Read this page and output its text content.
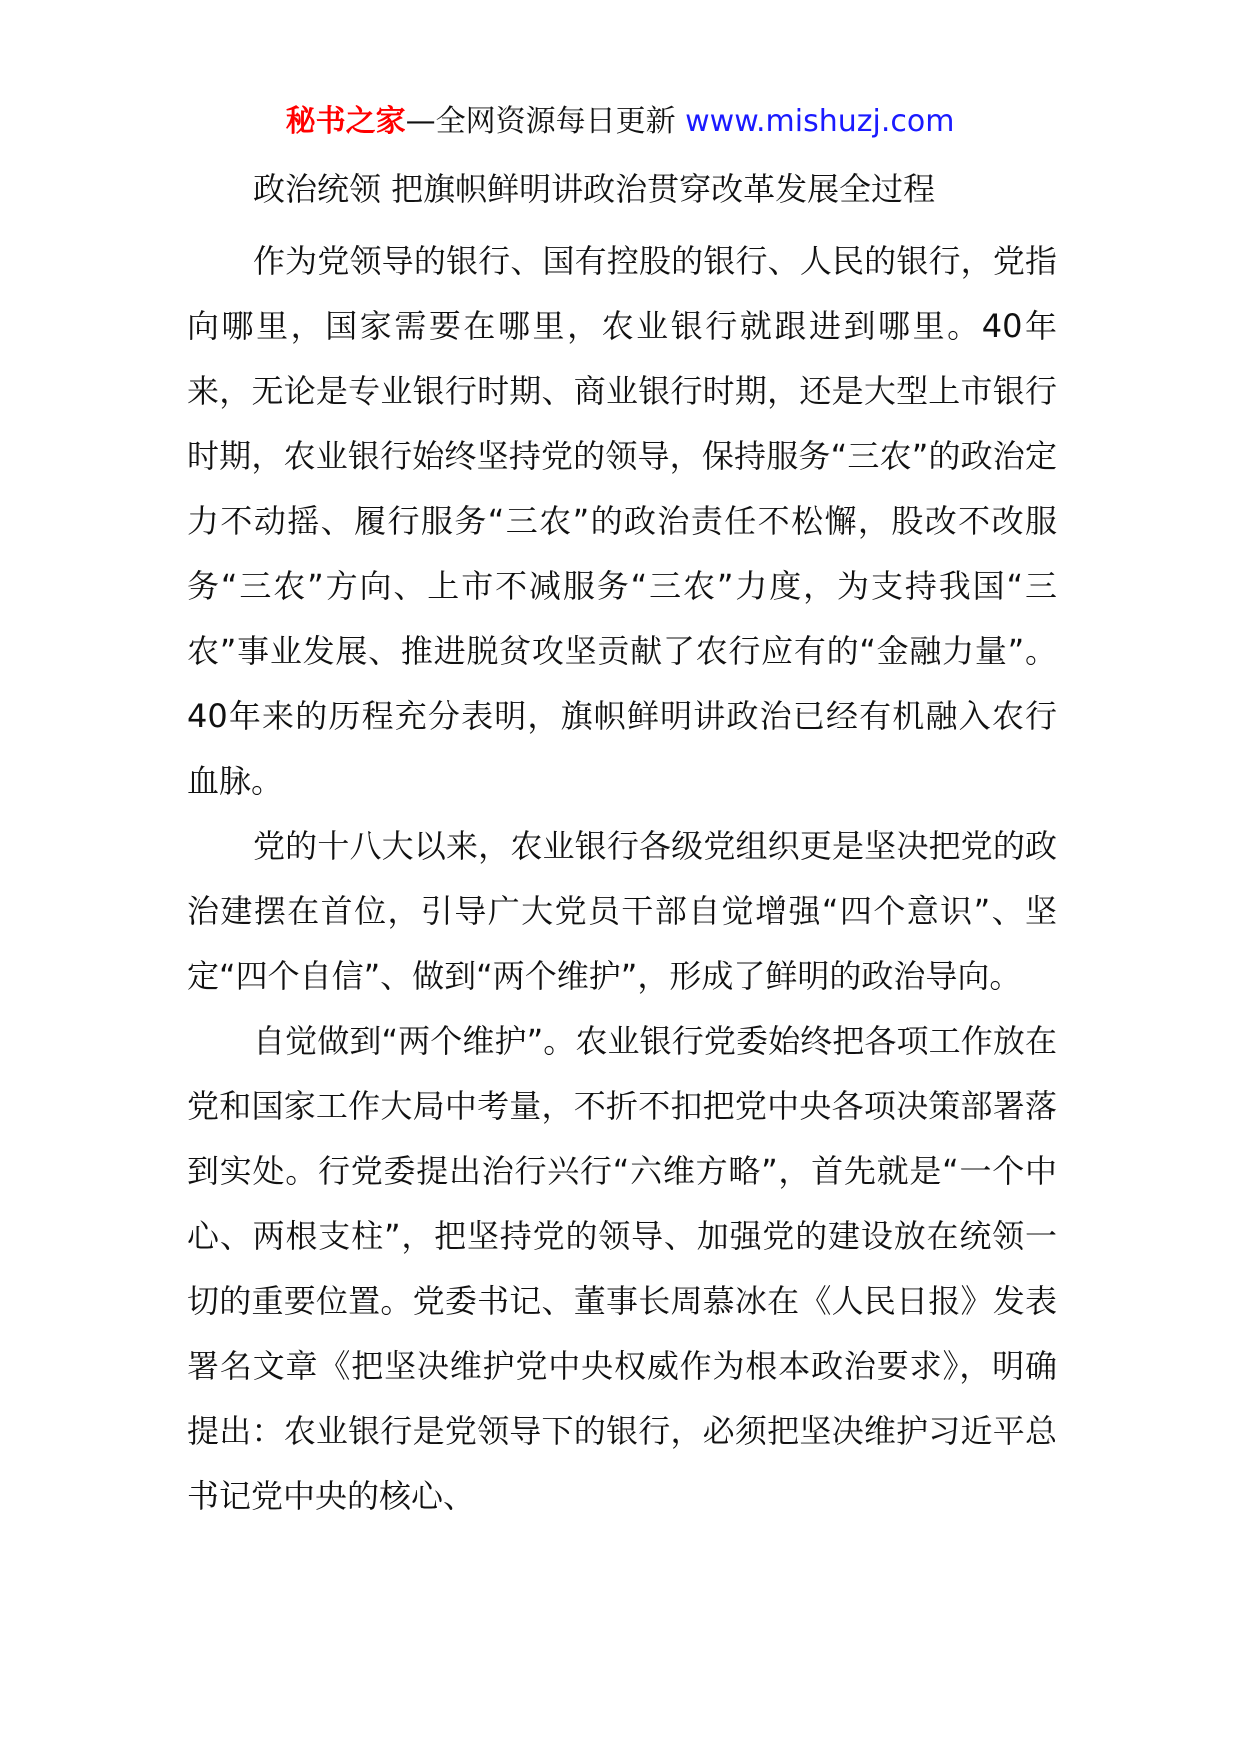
秘书之家—全网资源每日更新 www.mishuzj.com
政治统领 把旗帜鲜明讲政治贯穿改革发展全过程

作为党领导的银行、国有控股的银行、人民的银行，党指向哪里，国家需要在哪里，农业银行就跟进到哪里。40年来，无论是专业银行时期、商业银行时期，还是大型上市银行时期，农业银行始终坚持党的领导，保持服务“三农”的政治定力不动摇、履行服务“三农”的政治责任不松懈，股改不改服务“三农”方向、上市不减服务“三农”力度，为支持我国“三农”事业发展、推进脱贫攻坚贡献了农行应有的“金融力量”。40年来的历程充分表明，旗帜鲜明讲政治已经有机融入农行血脉。

党的十八大以来，农业银行各级党组织更是坚决把党的政治建摆在首位，引导广大党员干部自觉增强“四个意识”、坚定“四个自信”、做到“两个维护”，形成了鲜明的政治导向。

自觉做到“两个维护”。农业银行党委始终把各项工作放在党和国家工作大局中考量，不折不扣把党中央各项决策部署落到实处。行党委提出治行兴行“六维方略”，首先就是“一个中心、两根支柱”，把坚持党的领导、加强党的建设放在统领一切的重要位置。党委书记、董事长周慕冰在《人民日报》发表署名文章《把坚决维护党中央权威作为根本政治要求》，明确提出：农业银行是党领导下的银行，必须把坚决维护习近平总书记党中央的核心、
